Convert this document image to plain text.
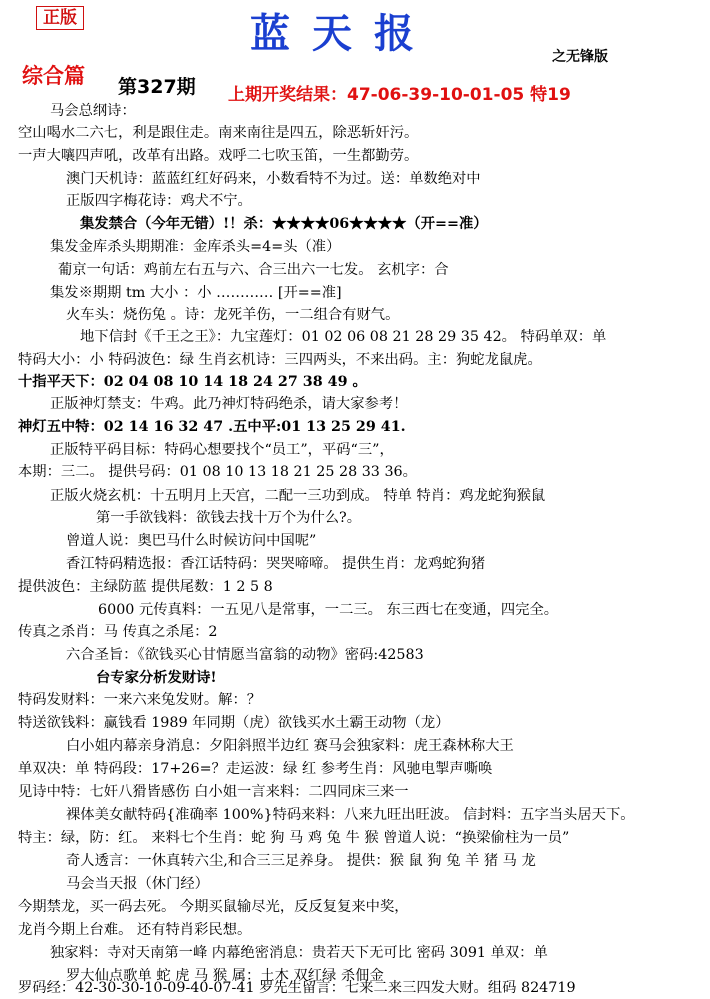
正版	蓝天报	之无锋版
综合篇 第327期 上期开奖结果：47-06-39-10-01-05 特19
马会总纲诗：
空山喝水二六七，利是跟住走。南来南往是四五，除恶斩奸污。
一声大嚷四声吼，改革有出路。戏呼二七吹玉笛，一生都勤劳。
澳门天机诗：蓝蓝红红好码来，小数看特不为过。送：单数绝对中
正版四字梅花诗：鸡犬不宁。
集发禁合（今年无错）!！杀：★★★★06★★★★（开==准）
集发金库杀头期期准：金库杀头=4=头（准）
葡京一句话：鸡前左右五与六、合三出六一七发。 玄机字：合
集发※期期 tm 大小 ：小 ………… [开==准]
火车头：烧伤兔 。诗：龙死羊伤，一二组合有财气。
地下信封《千王之王》：九宝莲灯：01 02 06 08 21 28 29 35 42。 特码单双：单
特码大小：小 特码波色：绿 生肖玄机诗：三四两头，不来出码。主：狗蛇龙鼠虎。
十指平天下：02 04 08 10 14 18 24 27 38 49 。
正版神灯禁支：牛鸡。此乃神灯特码绝杀，请大家参考！
神灯五中特：02 14 16 32 47 .五中平:01 13 25 29 41.
正版特平码目标：特码心想要找个“员工”，平码“三”，
本期：三二。 提供号码：01 08 10 13 18 21 25 28 33 36。
正版火烧玄机：十五明月上天宫，二配一三功到成。 特单 特肖：鸡龙蛇狗猴鼠
第一手欲钱料：欲钱去找十万个为什么?。
曾道人说：奥巴马什么时候访问中国呢”
香江特码精选报：香江话特码：哭哭啼啼。 提供生肖：龙鸡蛇狗猪
提供波色：主绿防蓝 提供尾数：1 2 5 8
6000 元传真料：一五见八是常事，一二三。 东三西七在变通，四完全。
传真之杀肖：马 传真之杀尾：2
六合圣旨：《欲钱买心甘情愿当富翁的动物》密码:42583
台专家分析发财诗!
特码发财料：一来六来兔发财。解：？
特送欲钱料：赢钱看 1989 年同期（虎）欲钱买水土霸王动物（龙）
白小姐内幕亲身消息：夕阳斜照半边红 赛马会独家料：虎王森林称大王
单双决：单 特码段：17+26=？走运波：绿 红 参考生肖：风驰电掣声嘶唤
见诗中特：七奸八猾皆感伤 白小姐一言来料：二四同床三来一
裸体美女献特码{准确率 100%}特码来料：八来九旺出旺波。 信封料：五字当头居天下。
特主：绿，防：红。 来料七个生肖：蛇 狗 马 鸡 兔 牛 猴 曾道人说：“换梁偷柱为一员”
奇人透言：一休真转六尘,和合三三足养身。 提供：猴 鼠 狗 兔 羊 猪 马 龙
马会当天报（休门经）
今期禁龙，买一码去死。 今期买鼠输尽光，反反复复来中奖，
龙肖今期上台难。 还有特肖彩民想。
独家料：寺对天南第一峰 内幕绝密消息：贵若天下无可比 密码 3091 单双：单
罗大仙点歌单 蛇 虎 马 猴 属：土木 双红绿 杀佃金
罗码经：42-30-30-10-09-40-07-41 罗先生留言：七来二来三四发大财。组码 824719
